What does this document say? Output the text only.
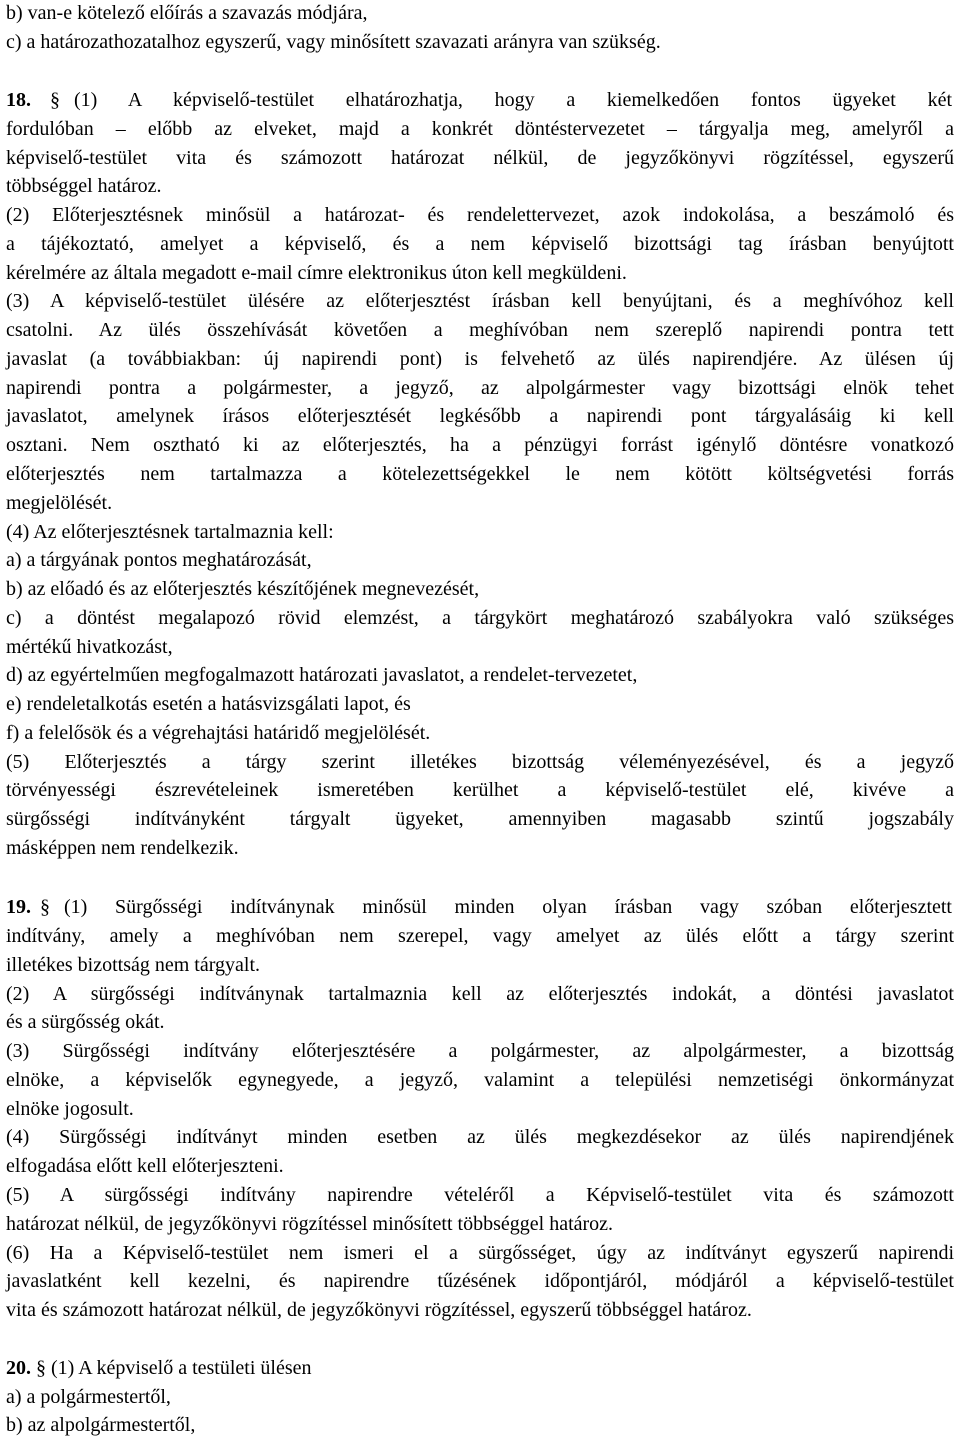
b) van-e kötelező előírás a szavazás módjára,
c) a határozathozatalhoz egyszerű, vagy minősített szavazati arányra van szükség.
18. § (1) A képviselő-testület elhatározhatja, hogy a kiemelkedően fontos ügyeket két
fordulóban – előbb az elveket, majd a konkrét döntéstervezetet – tárgyalja meg, amelyről a
képviselő-testület vita és számozott határozat nélkül, de jegyzőkönyvi rögzítéssel, egyszerű
többséggel határoz.
(2) Előterjesztésnek minősül a határozat- és rendelettervezet, azok indokolása, a beszámoló és
a tájékoztató, amelyet a képviselő, és a nem képviselő bizottsági tag írásban benyújtott
kérelmére az általa megadott e-mail címre elektronikus úton kell megküldeni.
(3) A képviselő-testület ülésére az előterjesztést írásban kell benyújtani, és a meghívóhoz kell
csatolni. Az ülés összehívását követően a meghívóban nem szereplő napirendi pontra tett
javaslat (a továbbiakban: új napirendi pont) is felvehető az ülés napirendjére. Az ülésen új
napirendi pontra a polgármester, a jegyző, az alpolgármester vagy bizottsági elnök tehet
javaslatot, amelynek írásos előterjesztését legkésőbb a napirendi pont tárgyalásáig ki kell
osztani. Nem osztható ki az előterjesztés, ha a pénzügyi forrást igénylő döntésre vonatkozó
előterjesztés nem tartalmazza a kötelezettségekkel le nem kötött költségvetési forrás
megjelölését.
(4) Az előterjesztésnek tartalmaznia kell:
a) a tárgyának pontos meghatározását,
b) az előadó és az előterjesztés készítőjének megnevezését,
c) a döntést megalapozó rövid elemzést, a tárgykört meghatározó szabályokra való szükséges
mértékű hivatkozást,
d) az egyértelműen megfogalmazott határozati javaslatot, a rendelet-tervezetet,
e) rendeletalkotás esetén a hatásvizsgálati lapot, és
f) a felelősök és a végrehajtási határidő megjelölését.
(5) Előterjesztés a tárgy szerint illetékes bizottság véleményezésével, és a jegyző
törvényességi észrevételeinek ismeretében kerülhet a képviselő-testület elé, kivéve a
sürgősségi indítványként tárgyalt ügyeket, amennyiben magasabb szintű jogszabály
másképpen nem rendelkezik.
19. § (1) Sürgősségi indítványnak minősül minden olyan írásban vagy szóban előterjesztett
indítvány, amely a meghívóban nem szerepel, vagy amelyet az ülés előtt a tárgy szerint
illetékes bizottság nem tárgyalt.
(2) A sürgősségi indítványnak tartalmaznia kell az előterjesztés indokát, a döntési javaslatot
és a sürgősség okát.
(3) Sürgősségi indítvány előterjesztésére a polgármester, az alpolgármester, a bizottság
elnöke, a képviselők egynegyede, a jegyző, valamint a települési nemzetiségi önkormányzat
elnöke jogosult.
(4) Sürgősségi indítványt minden esetben az ülés megkezdésekor az ülés napirendjének
elfogadása előtt kell előterjeszteni.
(5) A sürgősségi indítvány napirendre vételéről a Képviselő-testület vita és számozott
határozat nélkül, de jegyzőkönyvi rögzítéssel minősített többséggel határoz.
(6) Ha a Képviselő-testület nem ismeri el a sürgősséget, úgy az indítványt egyszerű napirendi
javaslatként kell kezelni, és napirendre tűzésének időpontjáról, módjáról a képviselő-testület
vita és számozott határozat nélkül, de jegyzőkönyvi rögzítéssel, egyszerű többséggel határoz.
20. § (1) A képviselő a testületi ülésen
a) a polgármestertől,
b) az alpolgármestertől,
